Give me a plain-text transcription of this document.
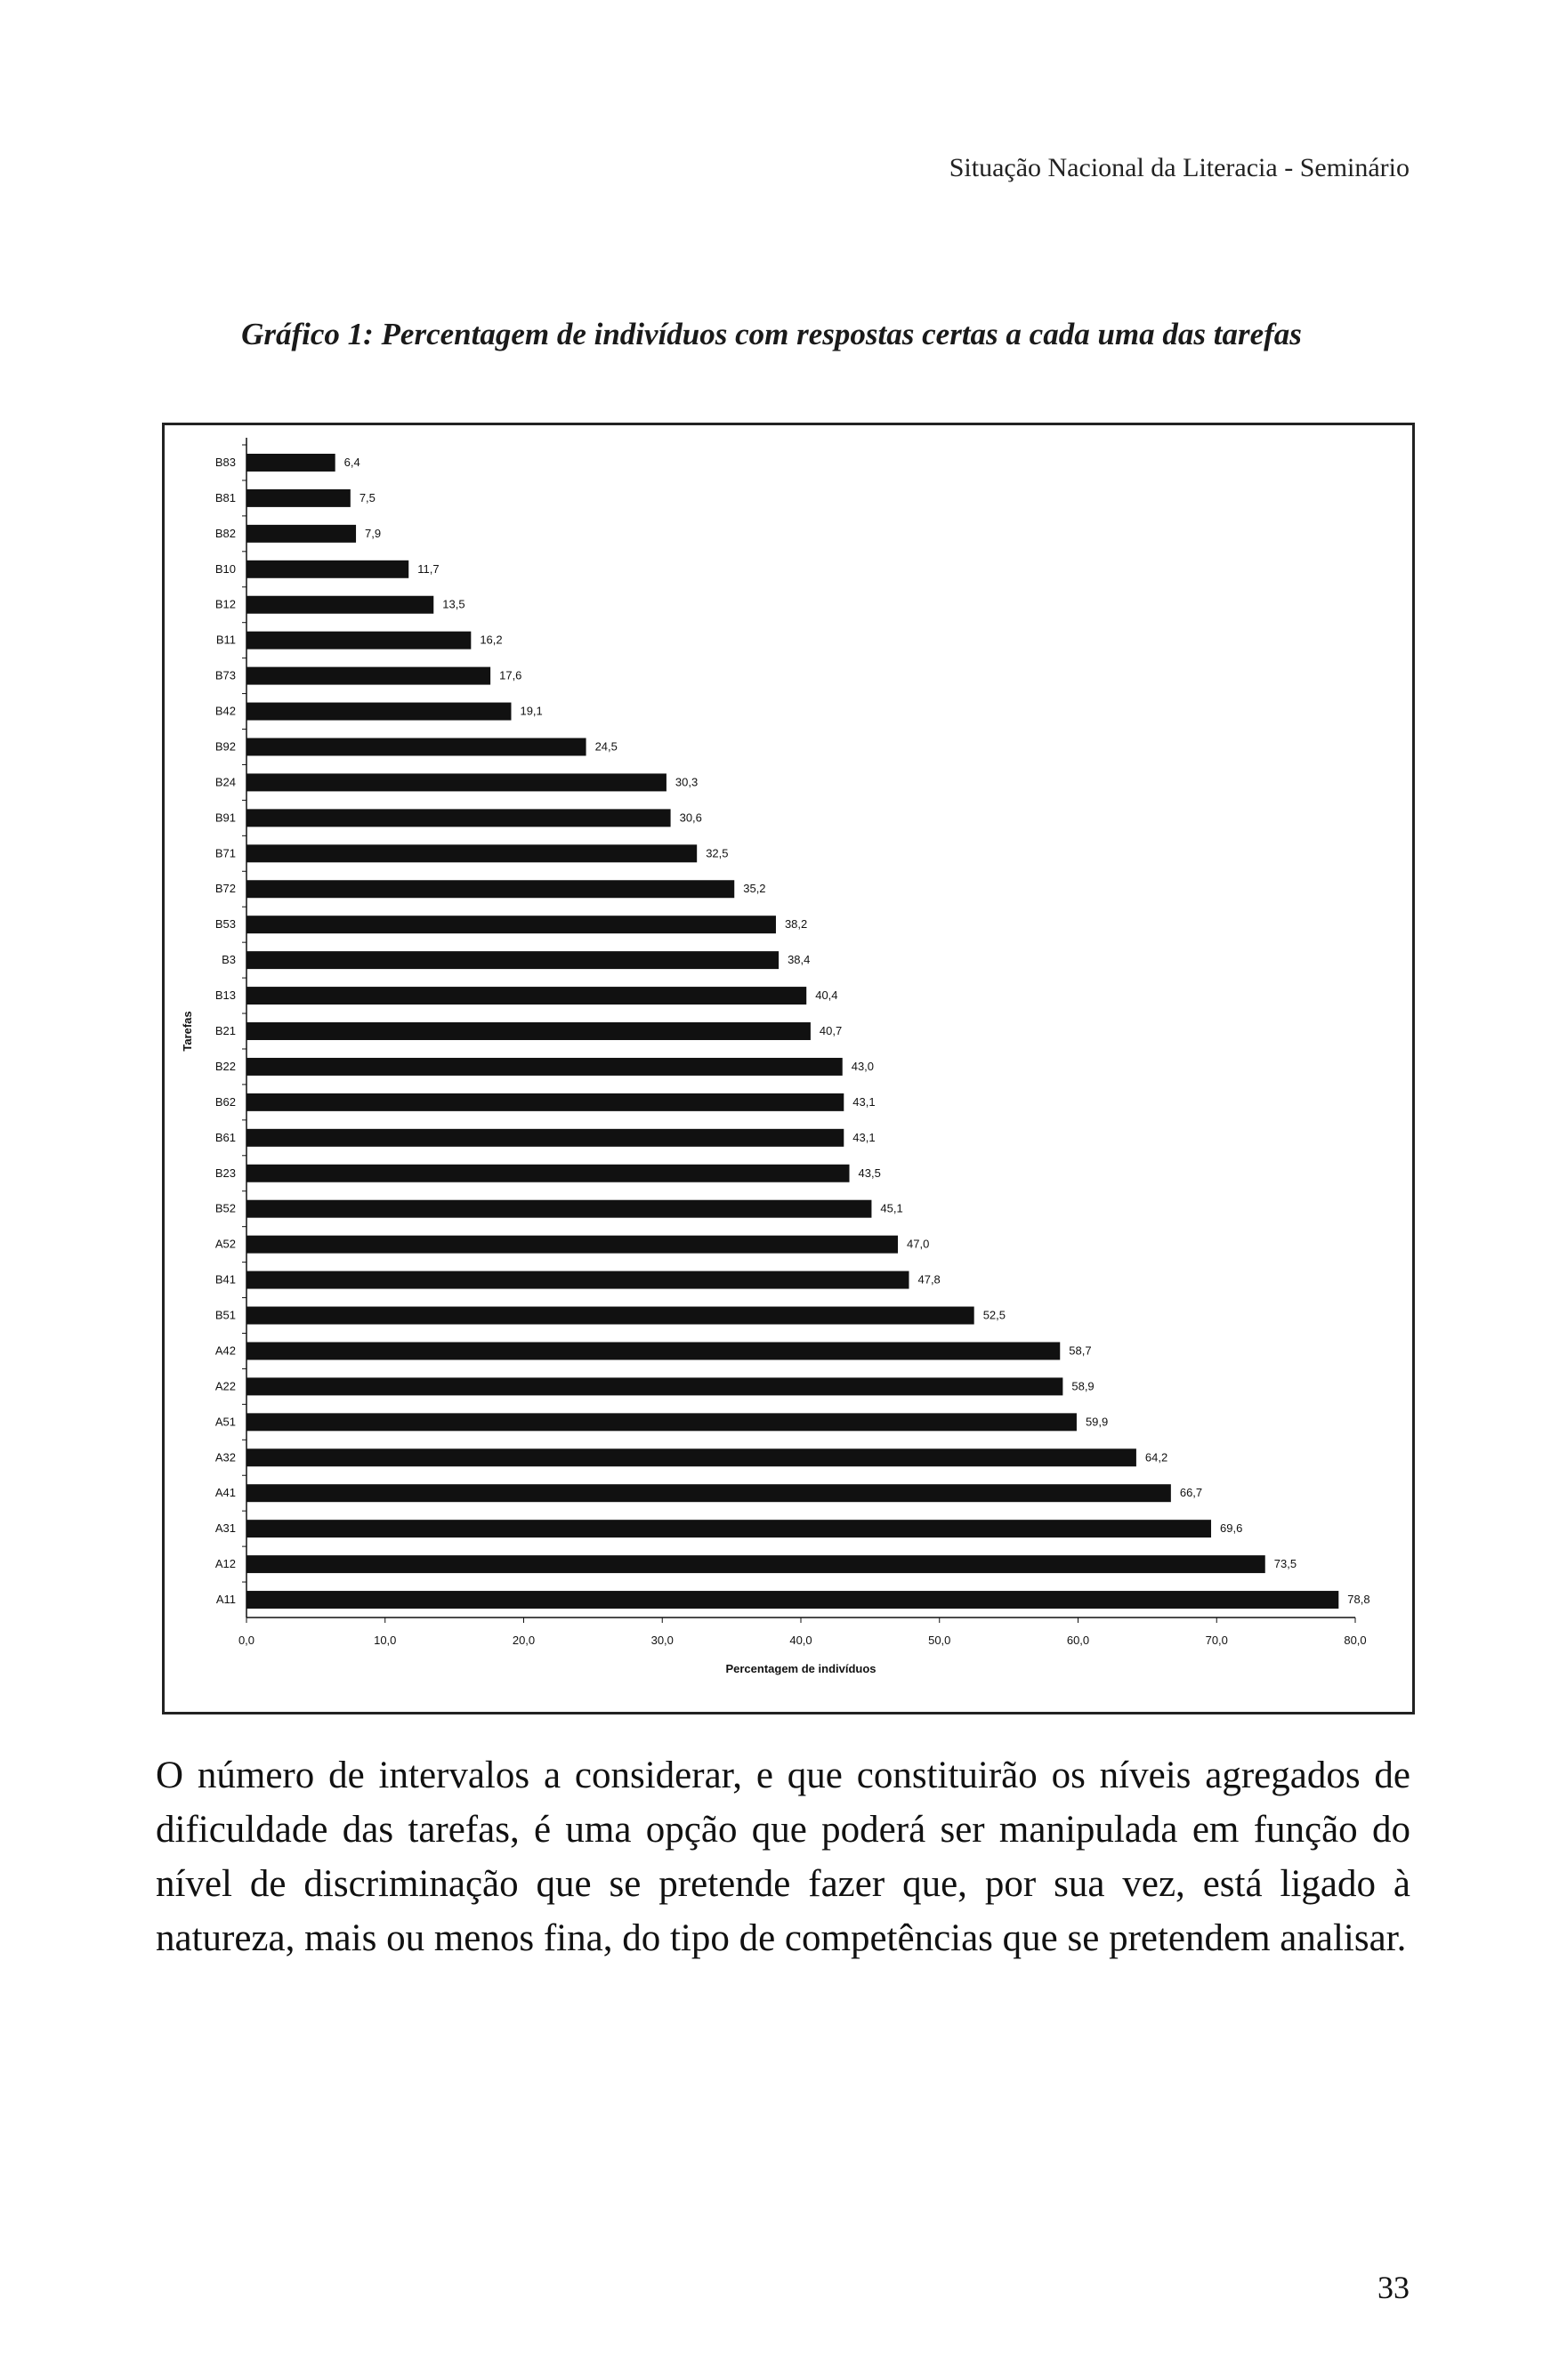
Situação Nacional da Literacia - Seminário
Gráfico 1: Percentagem de indivíduos com respostas certas a cada uma das tarefas
B83	6,4
B81	7,5
B82	7,9
B10	11,7
B12	13,5
B11	16,2
B73	17,6
B42	19,1
B92	24,5
B24	30,3
B91	30,6
B71	32,5
B72	35,2
B53	38,2
B3	38,4
B13	40,4
B21	40,7
B22	43,0
B62	43,1
B61	43,1
B23	43,5
B52	45,1
A52	47,0
B41	47,8
B51	52,5
A42	58,7
A22	58,9
A51	59,9
A32	64,2
A41	66,7
A31	69,6
A12	73,5
A11	78,8
0,0	10,0	20,0	30,0	40,0	50,0	60,0	70,0	80,0
Percentagem de indivíduos
Tarefas

O número de intervalos a considerar, e que constituirão os níveis agregados de dificuldade das tarefas, é uma opção que poderá ser manipulada em função do nível de discriminação que se pretende fazer que, por sua vez, está ligado à natureza, mais ou menos fina, do tipo de competências que se pretendem analisar.

33
